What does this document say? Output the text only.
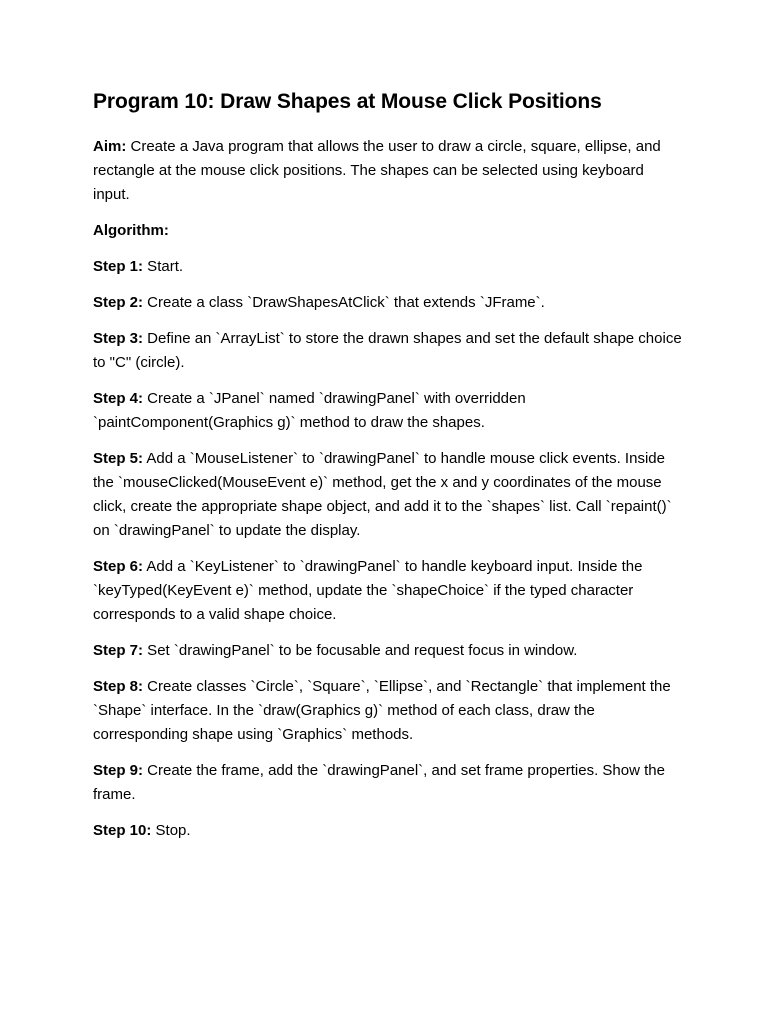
Program 10: Draw Shapes at Mouse Click Positions

Aim: Create a Java program that allows the user to draw a circle, square, ellipse, and rectangle at the mouse click positions. The shapes can be selected using keyboard input.

Algorithm:

Step 1: Start.
Step 2: Create a class `DrawShapesAtClick` that extends `JFrame`.
Step 3: Define an `ArrayList` to store the drawn shapes and set the default shape choice to "C" (circle).
Step 4: Create a `JPanel` named `drawingPanel` with overridden `paintComponent(Graphics g)` method to draw the shapes.
Step 5: Add a `MouseListener` to `drawingPanel` to handle mouse click events. Inside the `mouseClicked(MouseEvent e)` method, get the x and y coordinates of the mouse click, create the appropriate shape object, and add it to the `shapes` list. Call `repaint()` on `drawingPanel` to update the display.
Step 6: Add a `KeyListener` to `drawingPanel` to handle keyboard input. Inside the `keyTyped(KeyEvent e)` method, update the `shapeChoice` if the typed character corresponds to a valid shape choice.
Step 7: Set `drawingPanel` to be focusable and request focus in window.
Step 8: Create classes `Circle`, `Square`, `Ellipse`, and `Rectangle` that implement the `Shape` interface. In the `draw(Graphics g)` method of each class, draw the corresponding shape using `Graphics` methods.
Step 9: Create the frame, add the `drawingPanel`, and set frame properties. Show the frame.
Step 10: Stop.
